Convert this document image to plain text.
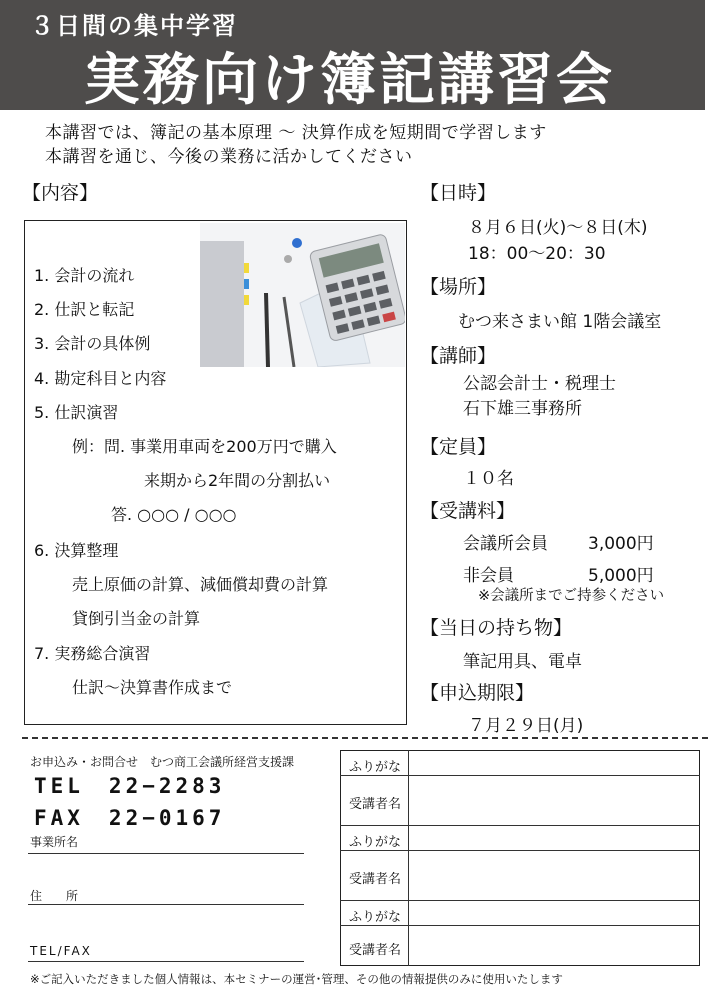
３日間の集中学習
実務向け簿記講習会
本講習では、簿記の基本原理 〜 決算作成を短期間で学習します
本講習を通じ、今後の業務に活かしてください
【内容】
1. 会計の流れ
2. 仕訳と転記
3. 会計の具体例
4. 勘定科目と内容
5. 仕訳演習
例：問. 事業用車両を200万円で購入
来期から2年間の分割払い
答. ○○○ / ○○○
6. 決算整理
売上原価の計算、減価償却費の計算
貸倒引当金の計算
7. 実務総合演習
仕訳〜決算書作成まで
【日時】
８月６日(火)〜８日(木)
18：00〜20：30
【場所】
むつ来さまい館 1階会議室
【講師】
公認会計士・税理士
石下雄三事務所
【定員】
１０名
【受講料】
会議所会員 3,000円
非会員	5,000円
※会議所までご持参ください
【当日の持ち物】
筆記用具、電卓
【申込期限】
７月２９日(月)
お申込み・お問合せ　むつ商工会議所経営支援課
TEL　22−2283
FAX　22−0167
事業所名
住　　所
TEL/FAX
ふりがな
受講者名
ふりがな
受講者名
ふりがな
受講者名
※ご記入いただきました個人情報は、本セミナーの運営･管理、その他の情報提供のみに使用いたします
